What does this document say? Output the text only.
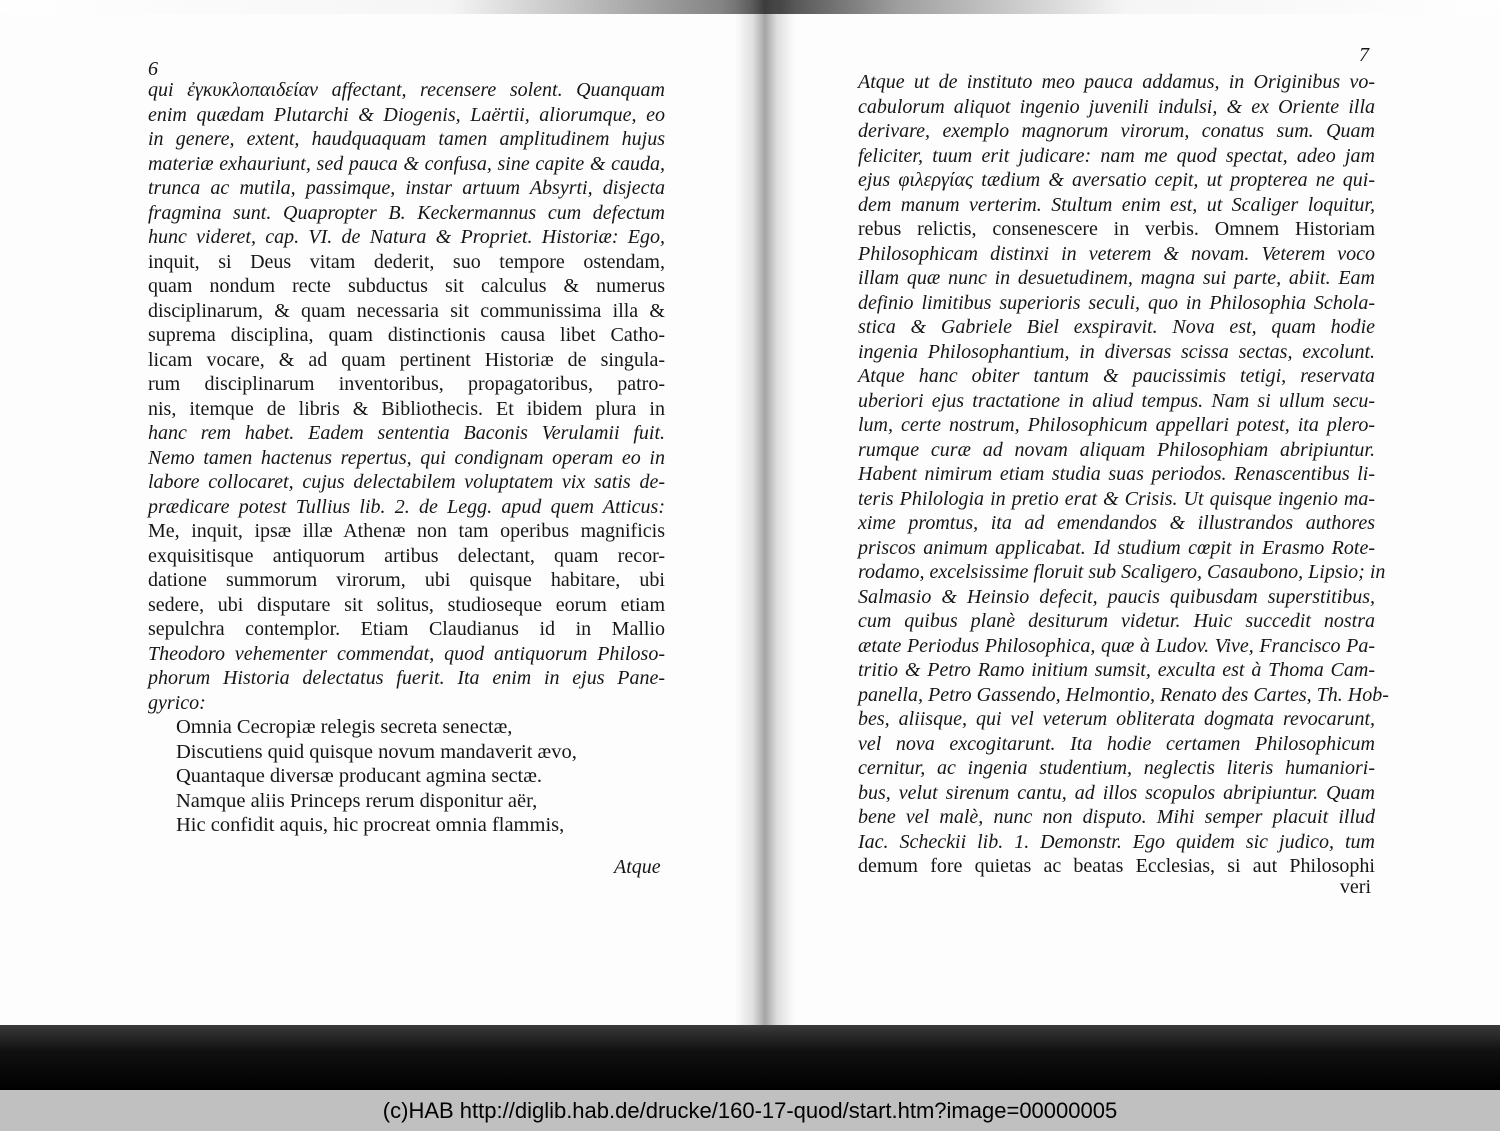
6
qui ἐγκυκλοπαιδείαν affectant, recensere solent. Quanquam
enim quædam Plutarchi & Diogenis, Laërtii, aliorumque, eo
in genere, extent, haudquaquam tamen amplitudinem hujus
materiæ exhauriunt, sed pauca & confusa, sine capite & cauda,
trunca ac mutila, passimque, instar artuum Absyrti, disjecta
fragmina sunt. Quapropter B. Keckermannus cum defectum
hunc videret, cap. VI. de Natura & Propriet. Historiæ: Ego,
inquit, si Deus vitam dederit, suo tempore ostendam,
quam nondum recte subductus sit calculus & numerus
disciplinarum, & quam necessaria sit communissima illa &
suprema disciplina, quam distinctionis causa libet Catho-
licam vocare, & ad quam pertinent Historiæ de singula-
rum disciplinarum inventoribus, propagatoribus, patro-
nis, itemque de libris & Bibliothecis. Et ibidem plura in
hanc rem habet. Eadem sententia Baconis Verulamii fuit.
Nemo tamen hactenus repertus, qui condignam operam eo in
labore collocaret, cujus delectabilem voluptatem vix satis de-
prædicare potest Tullius lib. 2. de Legg. apud quem Atticus:
Me, inquit, ipsæ illæ Athenæ non tam operibus magnificis
exquisitisque antiquorum artibus delectant, quam recor-
datione summorum virorum, ubi quisque habitare, ubi
sedere, ubi disputare sit solitus, studioseque eorum etiam
sepulchra contemplor. Etiam Claudianus id in Mallio
Theodoro vehementer commendat, quod antiquorum Philoso-
phorum Historia delectatus fuerit. Ita enim in ejus Pane-
gyrico:
Omnia Cecropiæ relegis secreta senectæ,
Discutiens quid quisque novum mandaverit ævo,
Quantaque diversæ producant agmina sectæ.
Namque aliis Princeps rerum disponitur aër,
Hic confidit aquis, hic procreat omnia flammis,
Atque
7
Atque ut de instituto meo pauca addamus, in Originibus vo-
cabulorum aliquot ingenio juvenili indulsi, & ex Oriente illa
derivare, exemplo magnorum virorum, conatus sum. Quam
feliciter, tuum erit judicare: nam me quod spectat, adeo jam
ejus φιλεργίας tædium & aversatio cepit, ut propterea ne qui-
dem manum verterim. Stultum enim est, ut Scaliger loquitur,
rebus relictis, consenescere in verbis. Omnem Historiam
Philosophicam distinxi in veterem & novam. Veterem voco
illam quæ nunc in desuetudinem, magna sui parte, abiit. Eam
definio limitibus superioris seculi, quo in Philosophia Schola-
stica & Gabriele Biel exspiravit. Nova est, quam hodie
ingenia Philosophantium, in diversas scissa sectas, excolunt.
Atque hanc obiter tantum & paucissimis tetigi, reservata
uberiori ejus tractatione in aliud tempus. Nam si ullum secu-
lum, certe nostrum, Philosophicum appellari potest, ita plero-
rumque curæ ad novam aliquam Philosophiam abripiuntur.
Habent nimirum etiam studia suas periodos. Renascentibus li-
teris Philologia in pretio erat & Crisis. Ut quisque ingenio ma-
xime promtus, ita ad emendandos & illustrandos authores
priscos animum applicabat. Id studium cœpit in Erasmo Rote-
rodamo, excelsissime floruit sub Scaligero, Casaubono, Lipsio; in
Salmasio & Heinsio defecit, paucis quibusdam superstitibus,
cum quibus planè desiturum videtur. Huic succedit nostra
ætate Periodus Philosophica, quæ à Ludov. Vive, Francisco Pa-
tritio & Petro Ramo initium sumsit, exculta est à Thoma Cam-
panella, Petro Gassendo, Helmontio, Renato des Cartes, Th. Hob-
bes, aliisque, qui vel veterum obliterata dogmata revocarunt,
vel nova excogitarunt. Ita hodie certamen Philosophicum
cernitur, ac ingenia studentium, neglectis literis humaniori-
bus, velut sirenum cantu, ad illos scopulos abripiuntur. Quam
bene vel malè, nunc non disputo. Mihi semper placuit illud
Iac. Scheckii lib. 1. Demonstr. Ego quidem sic judico, tum
demum fore quietas ac beatas Ecclesias, si aut Philosophi
veri
(c)HAB http://diglib.hab.de/drucke/160-17-quod/start.htm?image=00000005
